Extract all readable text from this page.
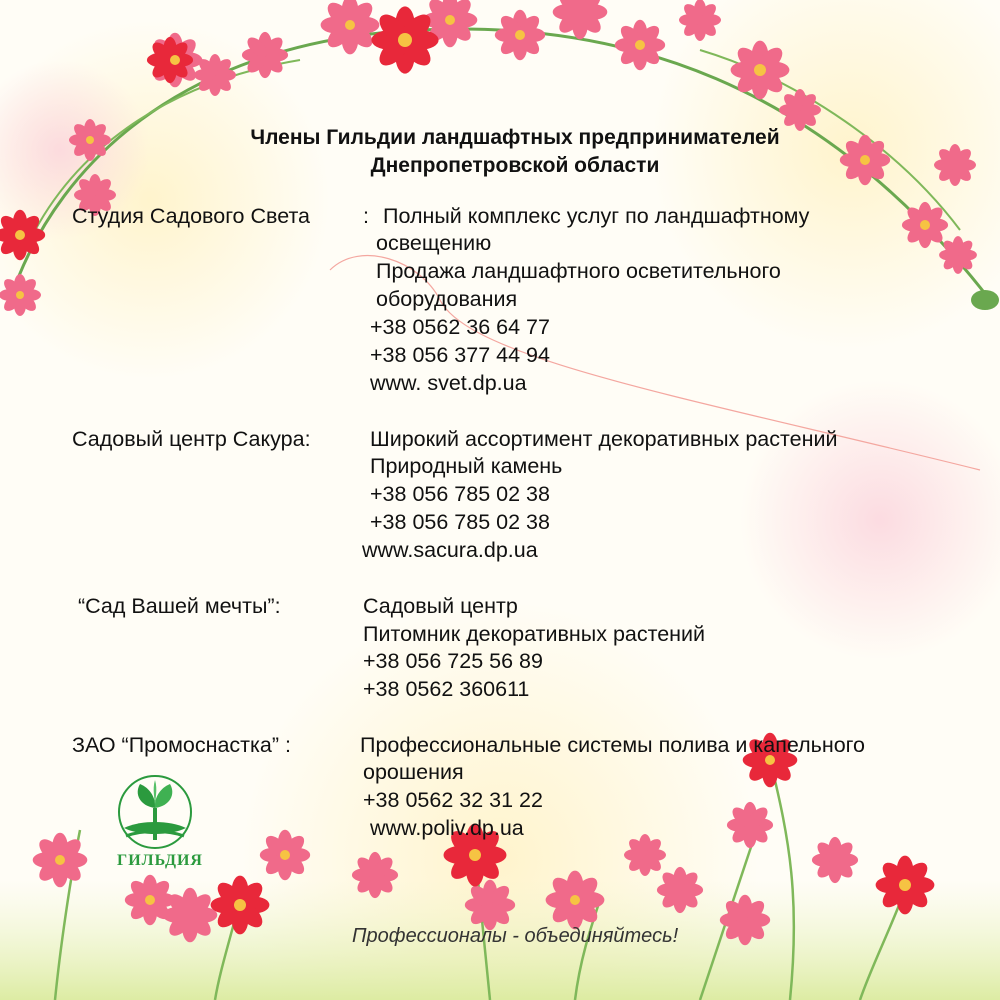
Члены Гильдии ландшафтных предпринимателей
Днепропетровской области
Студия Садового Света : Полный комплекс услуг по ландшафтному
освещению
Продажа ландшафтного осветительного
оборудования
+38 0562 36 64 77
+38 056 377 44 94
www. svet.dp.ua
Садовый центр Сакура:	Широкий ассортимент декоративных растений
Природный камень
+38 056 785 02 38
+38 056 785 02 38
www.sacura.dp.ua
“Сад Вашей мечты”:	Садовый центр
Питомник декоративных растений
+38 056 725 56 89
+38 0562 360611
ЗАО “Промоснастка” :	Профессиональные системы полива и капельного
орошения
+38 0562 32 31 22
www.poliv.dp.ua
ГИЛЬДИЯ
Профессионалы - объединяйтесь!
